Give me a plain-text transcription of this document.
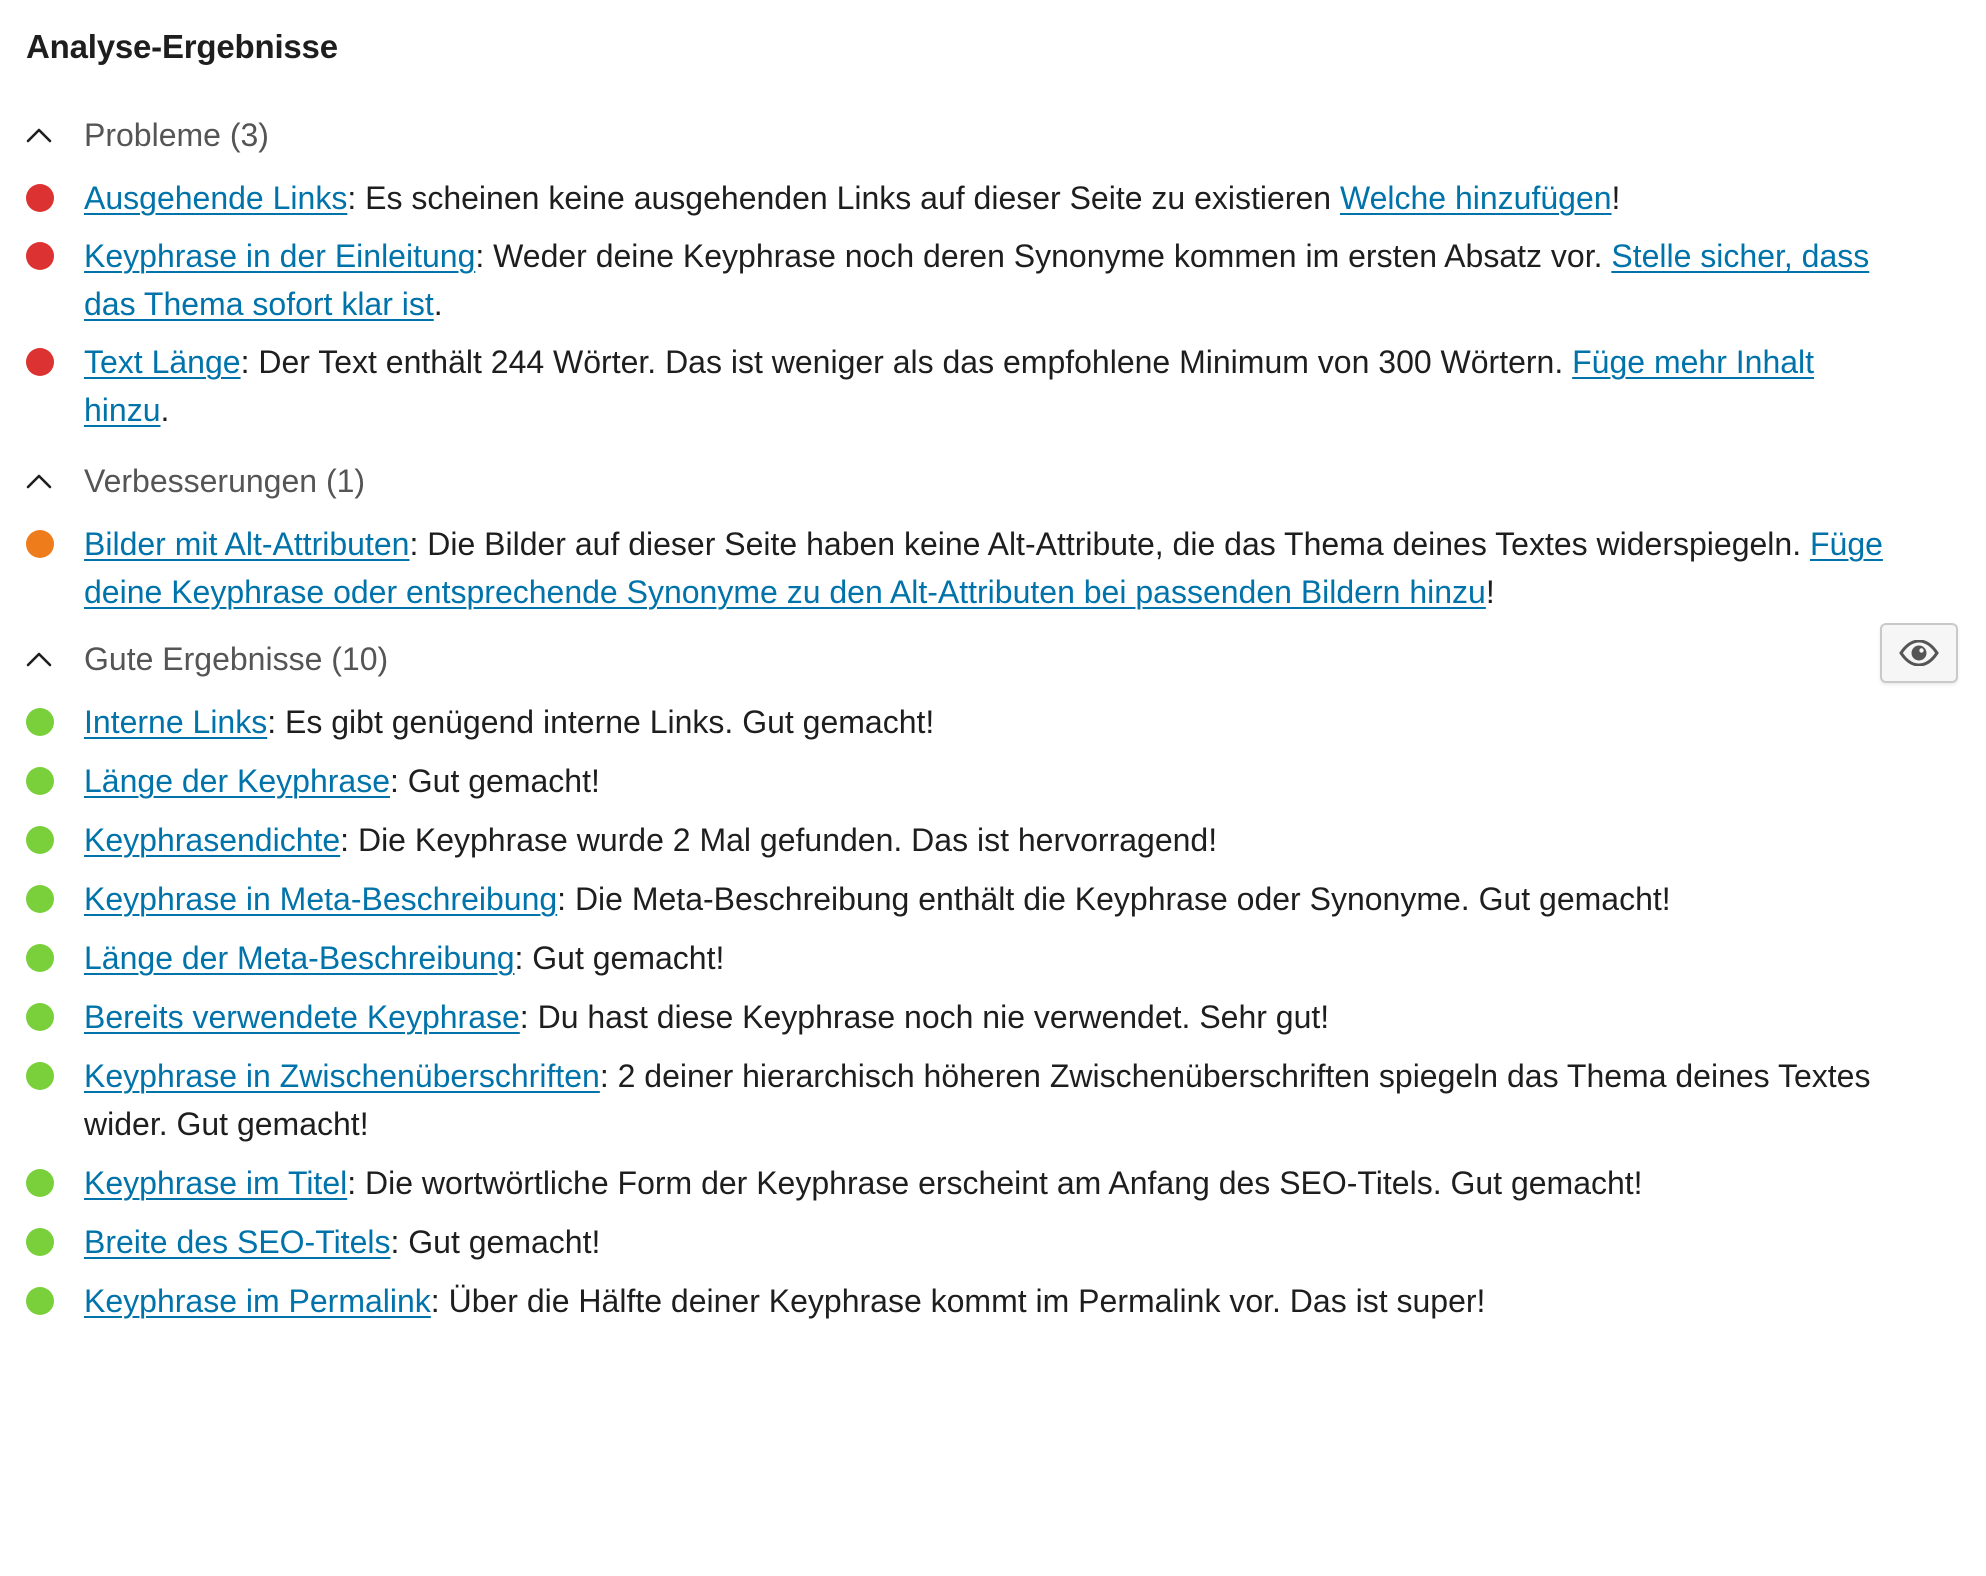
Analyse-Ergebnisse
Probleme (3)
Ausgehende Links: Es scheinen keine ausgehenden Links auf dieser Seite zu existieren Welche hinzufügen!
Keyphrase in der Einleitung: Weder deine Keyphrase noch deren Synonyme kommen im ersten Absatz vor. Stelle sicher, dass das Thema sofort klar ist.
Text Länge: Der Text enthält 244 Wörter. Das ist weniger als das empfohlene Minimum von 300 Wörtern. Füge mehr Inhalt hinzu.
Verbesserungen (1)
Bilder mit Alt-Attributen: Die Bilder auf dieser Seite haben keine Alt-Attribute, die das Thema deines Textes widerspiegeln. Füge deine Keyphrase oder entsprechende Synonyme zu den Alt-Attributen bei passenden Bildern hinzu!
Gute Ergebnisse (10)
Interne Links: Es gibt genügend interne Links. Gut gemacht!
Länge der Keyphrase: Gut gemacht!
Keyphrasendichte: Die Keyphrase wurde 2 Mal gefunden. Das ist hervorragend!
Keyphrase in Meta-Beschreibung: Die Meta-Beschreibung enthält die Keyphrase oder Synonyme. Gut gemacht!
Länge der Meta-Beschreibung: Gut gemacht!
Bereits verwendete Keyphrase: Du hast diese Keyphrase noch nie verwendet. Sehr gut!
Keyphrase in Zwischenüberschriften: 2 deiner hierarchisch höheren Zwischenüberschriften spiegeln das Thema deines Textes wider. Gut gemacht!
Keyphrase im Titel: Die wortwörtliche Form der Keyphrase erscheint am Anfang des SEO-Titels. Gut gemacht!
Breite des SEO-Titels: Gut gemacht!
Keyphrase im Permalink: Über die Hälfte deiner Keyphrase kommt im Permalink vor. Das ist super!
